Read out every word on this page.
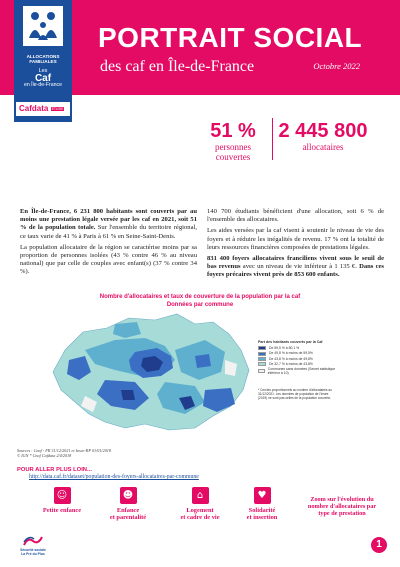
ALLOCATIONS
FAMILIALES
Les
Caf
en Île-de-France
Cafdata ÉTUDE
PORTRAIT SOCIAL
des caf en Île-de-France	Octobre 2022
51 %
personnes
couvertes
2 445 800
allocataires

En Île-de-France, 6 231 800 habitants sont couverts par au moins une prestation légale versée par les caf en 2021, soit 51 % de la population totale. Sur l'ensemble du territoire régional, ce taux varie de 41 % à Paris à 61 % en Seine-Saint-Denis.

La population allocataire de la région se caractérise moins par sa proportion de personnes isolées (43 % contre 46 % au niveau national) que par celle de couples avec enfant(s) (37 % contre 34 %).

140 700 étudiants bénéficient d'une allocation, soit 6 % de l'ensemble des allocataires.

Les aides versées par la caf visent à soutenir le niveau de vie des foyers et à réduire les inégalités de revenu. 17 % ont la totalité de leurs ressources financières composées de prestations légales.

831 400 foyers allocataires franciliens vivent sous le seuil de bas revenus avec un niveau de vie inférieur à 1 135 €. Dans ces foyers précaires vivent près de 853 600 enfants.

Nombre d'allocataires et taux de couverture de la population par la caf
Données par commune
Part des habitants couverts par la Caf
De 59,5 % à 80,1 %
De 49,8 % à moins de 59,5%
De 43,8 % à moins de 49,8%
De 32,7 % à moins de 43,8%
Communes sans données (Secret statistique inférieur à 10)
* Cercles proportionnels au nombre d'allocataires au 31/12/2021. Les données de population de l'Insee (2019) ne sont pas celles de la population couverte.
Sources : Cnaf - FR 31/12/2021 et Insee-RP 01/01/2018
© IGN * Cnaf Cafdata 2/4/2018
POUR ALLER PLUS LOIN...
http://data.caf.fr/dataset/population-des-foyers-allocataires-par-commune
☺
Petite enfance
☻
Enfance
et parentalité
⌂
Logement
et cadre de vie
♥
Solidarité
et insertion
Zoom sur l'évolution du
nombre d'allocataires par
type de prestation
Sécurité sociale
La Pré du Plus
1
